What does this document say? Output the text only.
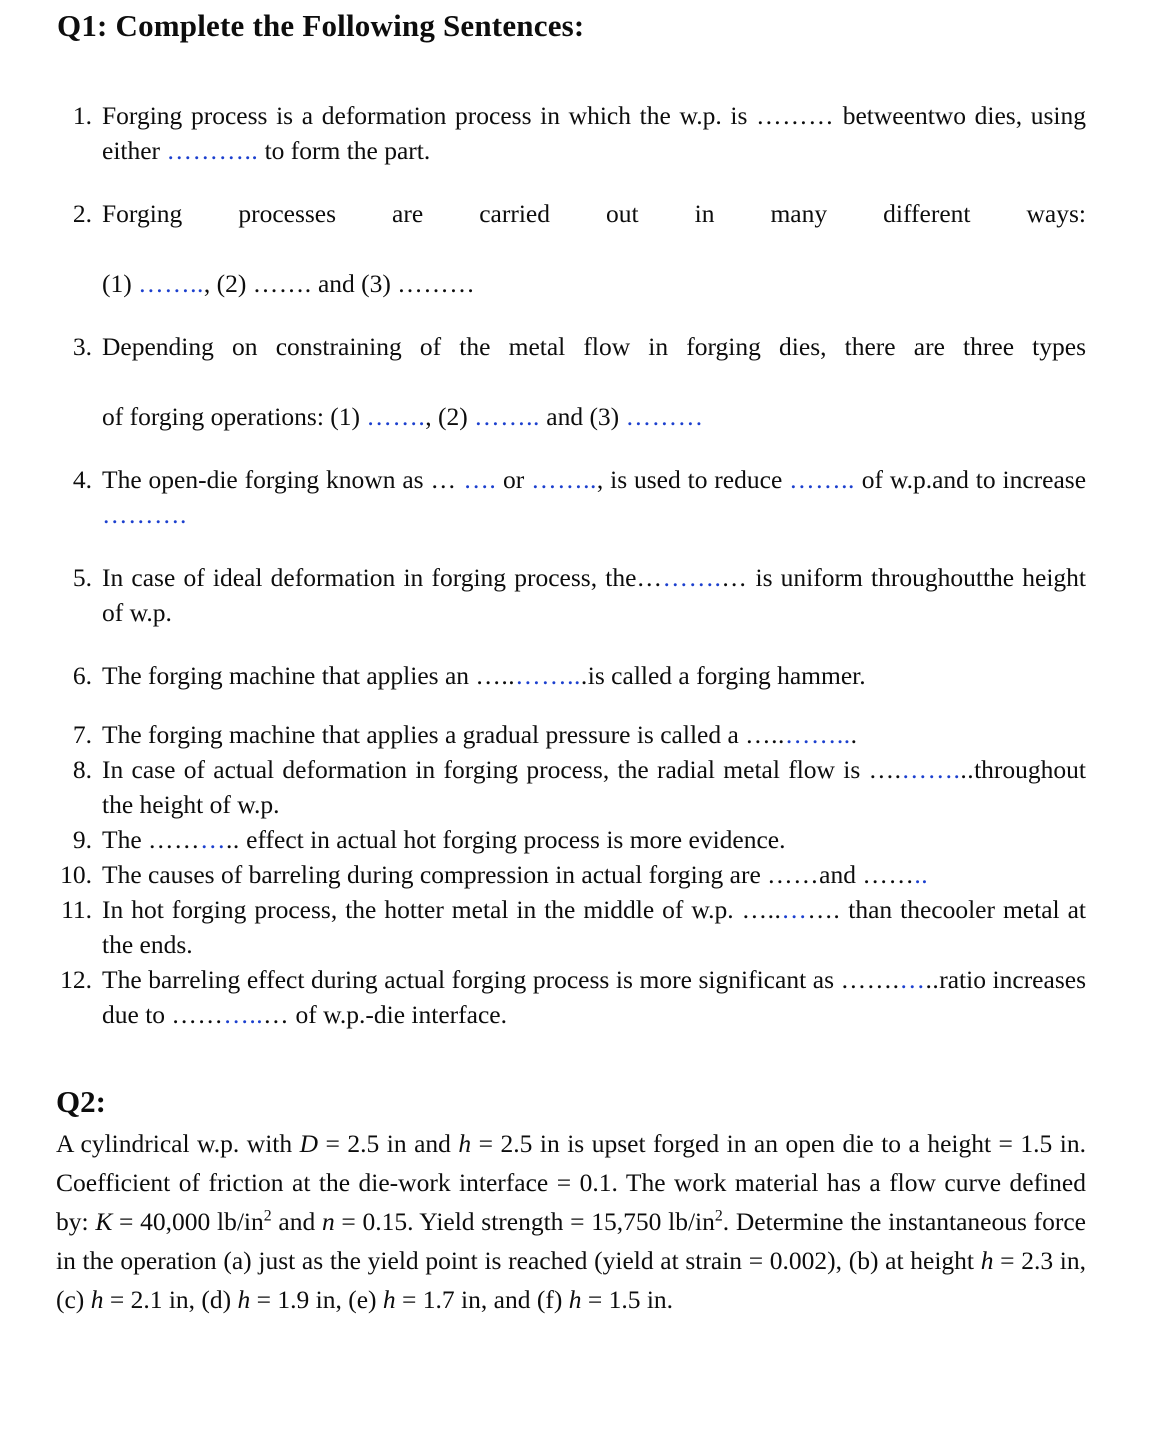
Q1: Complete the Following Sentences:
1. Forging process is a deformation process in which the w.p. is ……… betweentwo dies, using either ……….. to form the part.
2. Forging processes are carried out in many different ways:
(1) …….., (2) ……. and (3) ………
3. Depending on constraining of the metal flow in forging dies, there are three types
of forging operations: (1) ……., (2) …….. and (3) ………
4. The open-die forging known as … …. or …….., is used to reduce …….. of w.p.and to increase ……….
5. In case of ideal deformation in forging process, the……….… is uniform throughoutthe height of w.p.
6. The forging machine that applies an …..……...is called a forging hammer.
7. The forging machine that applies a gradual pressure is called a …..……...
8. In case of actual deformation in forging process, the radial metal flow is ….……...throughout the height of w.p.
9. The ……….. effect in actual hot forging process is more evidence.
10. The causes of barreling during compression in actual forging are ……and ……..
11. In hot forging process, the hotter metal in the middle of w.p. …..……. than thecooler metal at the ends.
12. The barreling effect during actual forging process is more significant as …….…..ratio increases due to ………..… of w.p.-die interface.
Q2:
A cylindrical w.p. with D = 2.5 in and h = 2.5 in is upset forged in an open die to a height = 1.5 in. Coefficient of friction at the die-work interface = 0.1. The work material has a flow curve defined by: K = 40,000 $lb/in^2$ and n = 0.15. Yield strength = 15,750 $lb/in^2$. Determine the instantaneous force in the operation (a) just as the yield point is reached (yield at strain = 0.002), (b) at height h = 2.3 in, (c) h = 2.1 in, (d) h = 1.9 in, (e) h = 1.7 in, and (f) h = 1.5 in.
